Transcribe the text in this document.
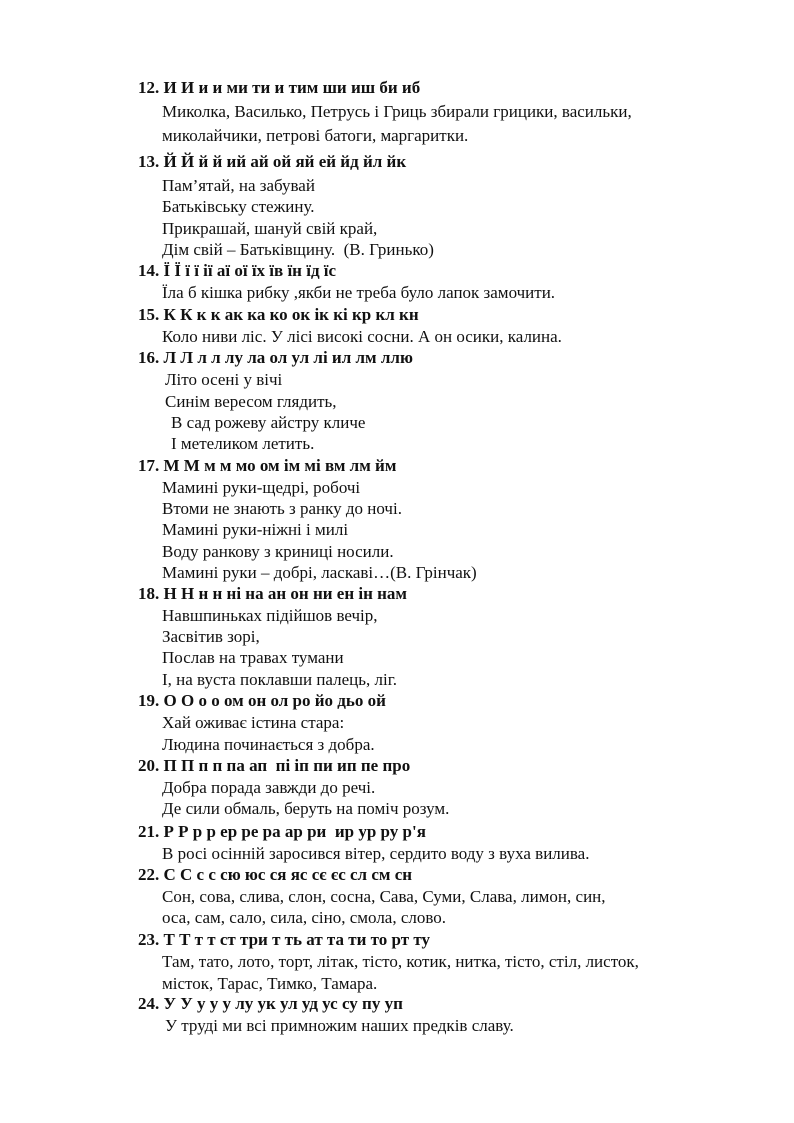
12. И И и и ми ти и тим ши иш би иб
Миколка, Василько, Петрусь і Гриць збирали грицики, васильки,
миколайчики, петрові батоги, маргаритки.
13. Й Й й й ий ай ой яй ей йд йл йк
Пам’ятай, на забувай
Батьківську стежину.
Прикрашай, шануй свій край,
Дім свій – Батьківщину.  (В. Гринько)
14. Ї Ї ї ї ії аї ої їх їв їн їд їс
Їла б кішка рибку ,якби не треба було лапок замочити.
15. К К к к ак ка ко ок ік кі кр кл кн
Коло ниви ліс. У лісі високі сосни. А он осики, калина.
16. Л Л л л лу ла ол ул лі ил лм ллю
Літо осені у вічі
Синім вересом глядить,
В сад рожеву айстру кличе
І метеликом летить.
17. М М м м мо ом ім мі вм лм йм
Мамині руки-щедрі, робочі
Втоми не знають з ранку до ночі.
Мамині руки-ніжні і милі
Воду ранкову з криниці носили.
Мамині руки – добрі, ласкаві…(В. Грінчак)
18. Н Н н н ні на ан он ни ен ін нам
Навшпиньках підійшов вечір,
Засвітив зорі,
Послав на травах тумани
І, на вуста поклавши палець, ліг.
19. О О о о ом он ол ро йо дьо ой
Хай оживає істина стара:
Людина починається з добра.
20. П П п п па ап  пі іп пи ип пе про
Добра порада завжди до речі.
Де сили обмаль, беруть на поміч розум.
21. Р Р р р ер ре ра ар ри  ир ур ру р'я
В росі осінній заросився вітер, сердито воду з вуха вилива.
22. С С с с сю юс ся яс сє єс сл см сн
Сон, сова, слива, слон, сосна, Сава, Суми, Слава, лимон, син,
оса, сам, сало, сила, сіно, смола, слово.
23. Т Т т т ст три т ть ат та ти то рт ту
Там, тато, лото, торт, літак, тісто, котик, нитка, тісто, стіл, листок,
місток, Тарас, Тимко, Тамара.
24. У У у у у лу ук ул уд ус су пу уп
У труді ми всі примножим наших предків славу.
